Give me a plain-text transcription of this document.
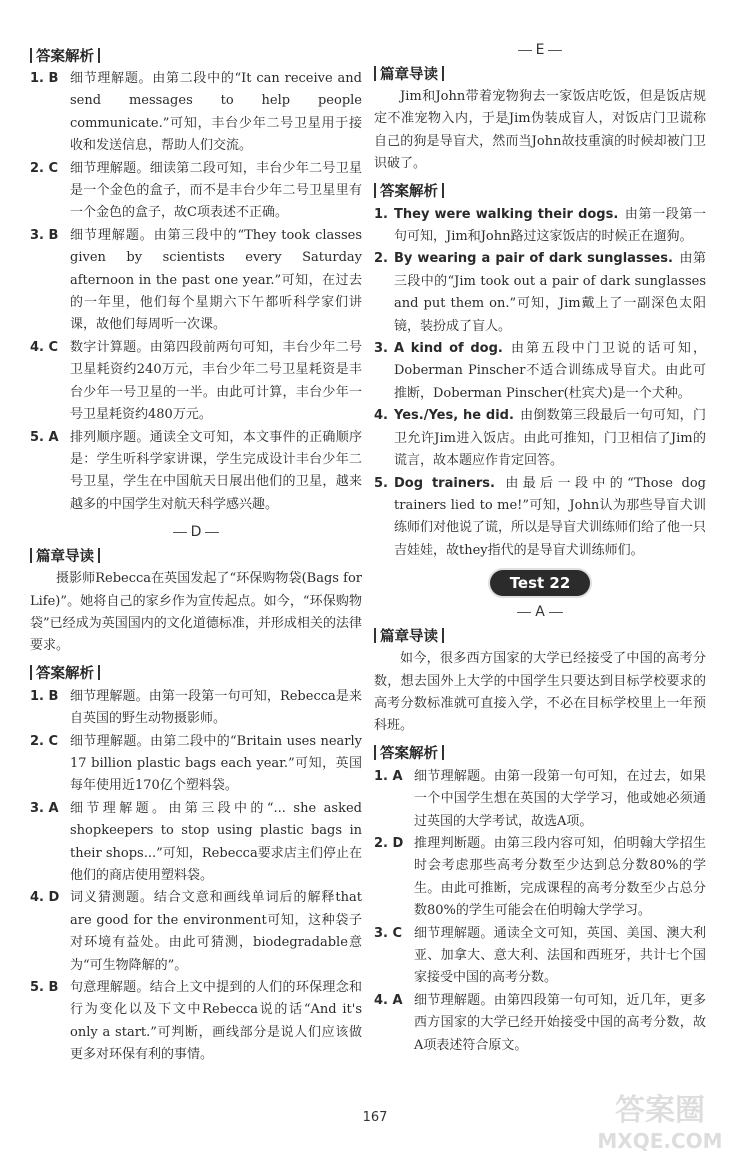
答案解析
1. B 细节理解题。由第二段中的“It can receive and send messages to help people communicate.”可知，丰台少年二号卫星用于接收和发送信息，帮助人们交流。
2. C 细节理解题。细读第二段可知，丰台少年二号卫星是一个金色的盒子，而不是丰台少年二号卫星里有一个金色的盒子，故C项表述不正确。
3. B 细节理解题。由第三段中的“They took classes given by scientists every Saturday afternoon in the past one year.”可知，在过去的一年里，他们每个星期六下午都听科学家们讲课，故他们每周听一次课。
4. C 数字计算题。由第四段前两句可知，丰台少年二号卫星耗资约240万元，丰台少年二号卫星耗资是丰台少年一号卫星的一半。由此可计算，丰台少年一号卫星耗资约480万元。
5. A 排列顺序题。通读全文可知，本文事件的正确顺序是：学生听科学家讲课，学生完成设计丰台少年二号卫星，学生在中国航天日展出他们的卫星，越来越多的中国学生对航天科学感兴趣。
D
篇章导读

摄影师Rebecca在英国发起了“环保购物袋(Bags for Life)”。她将自己的家乡作为宣传起点。如今，“环保购物袋”已经成为英国国内的文化道德标准，并形成相关的法律要求。

答案解析
1. B 细节理解题。由第一段第一句可知，Rebecca是来自英国的野生动物摄影师。
2. C 细节理解题。由第二段中的“Britain uses nearly 17 billion plastic bags each year.”可知，英国每年使用近170亿个塑料袋。
3. A 细节理解题。由第三段中的“... she asked shopkeepers to stop using plastic bags in their shops...”可知，Rebecca要求店主们停止在他们的商店使用塑料袋。
4. D 词义猜测题。结合文意和画线单词后的解释that are good for the environment可知，这种袋子对环境有益处。由此可猜测，biodegradable意为“可生物降解的”。
5. B 句意理解题。结合上文中提到的人们的环保理念和行为变化以及下文中Rebecca说的话“And it's only a start.”可判断，画线部分是说人们应该做更多对环保有利的事情。
E
篇章导读

Jim和John带着宠物狗去一家饭店吃饭，但是饭店规定不准宠物入内，于是Jim伪装成盲人，对饭店门卫谎称自己的狗是导盲犬，然而当John故技重演的时候却被门卫识破了。

答案解析
1. They were walking their dogs. 由第一段第一句可知，Jim和John路过这家饭店的时候正在遛狗。
2. By wearing a pair of dark sunglasses. 由第三段中的“Jim took out a pair of dark sunglasses and put them on.”可知，Jim戴上了一副深色太阳镜，装扮成了盲人。
3. A kind of dog. 由第五段中门卫说的话可知，Doberman Pinscher不适合训练成导盲犬。由此可推断，Doberman Pinscher(杜宾犬)是一个犬种。
4. Yes./Yes, he did. 由倒数第三段最后一句可知，门卫允许Jim进入饭店。由此可推知，门卫相信了Jim的谎言，故本题应作肯定回答。
5. Dog trainers. 由最后一段中的“Those dog trainers lied to me!”可知，John认为那些导盲犬训练师们对他说了谎，所以是导盲犬训练师们给了他一只吉娃娃，故they指代的是导盲犬训练师们。
Test 22
A
篇章导读

如今，很多西方国家的大学已经接受了中国的高考分数，想去国外上大学的中国学生只要达到目标学校要求的高考分数标准就可直接入学，不必在目标学校里上一年预科班。

答案解析
1. A 细节理解题。由第一段第一句可知，在过去，如果一个中国学生想在英国的大学学习，他或她必须通过英国的大学考试，故选A项。
2. D 推理判断题。由第三段内容可知，伯明翰大学招生时会考虑那些高考分数至少达到总分数80%的学生。由此可推断，完成课程的高考分数至少占总分数80%的学生可能会在伯明翰大学学习。
3. C 细节理解题。通读全文可知，英国、美国、澳大利亚、加拿大、意大利、法国和西班牙，共计七个国家接受中国的高考分数。
4. A 细节理解题。由第四段第一句可知，近几年，更多西方国家的大学已经开始接受中国的高考分数，故A项表述符合原文。
167	答案圈
MXQE.COM
